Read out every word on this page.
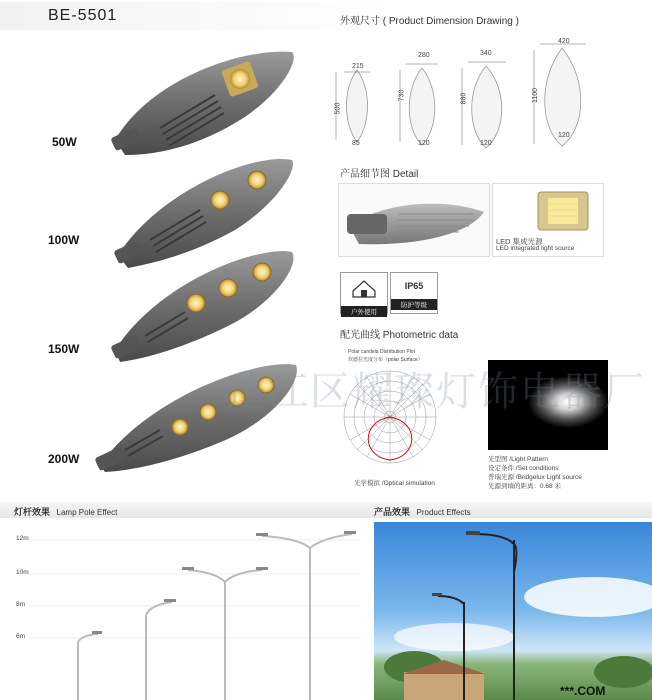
BE-5501	外观尺寸 ( Product Dimension Drawing )
50W
100W
150W
200W
215
500
85
280
730
120
340
880
120
420
1100
120
产品细节图 Detail
LED 集成光源
LED integrated light source
户外使用
IP65
防护等级
配光曲线 Photometric data
Polar candela Distribution Plot
坎德拉光度分布（polar Surface）
光学模拟 /Optical simulation
光型图 /Light Pattern
设定条件 /Set conditions
普瑞光源 /Bridgelux Light source
光源到墙的距离：0.68 米
蓬江区耀璨灯饰电器厂
灯杆效果 Lamp Pole Effect	产品效果 Product Effects
12m
10m
8m
6m
***.COM
